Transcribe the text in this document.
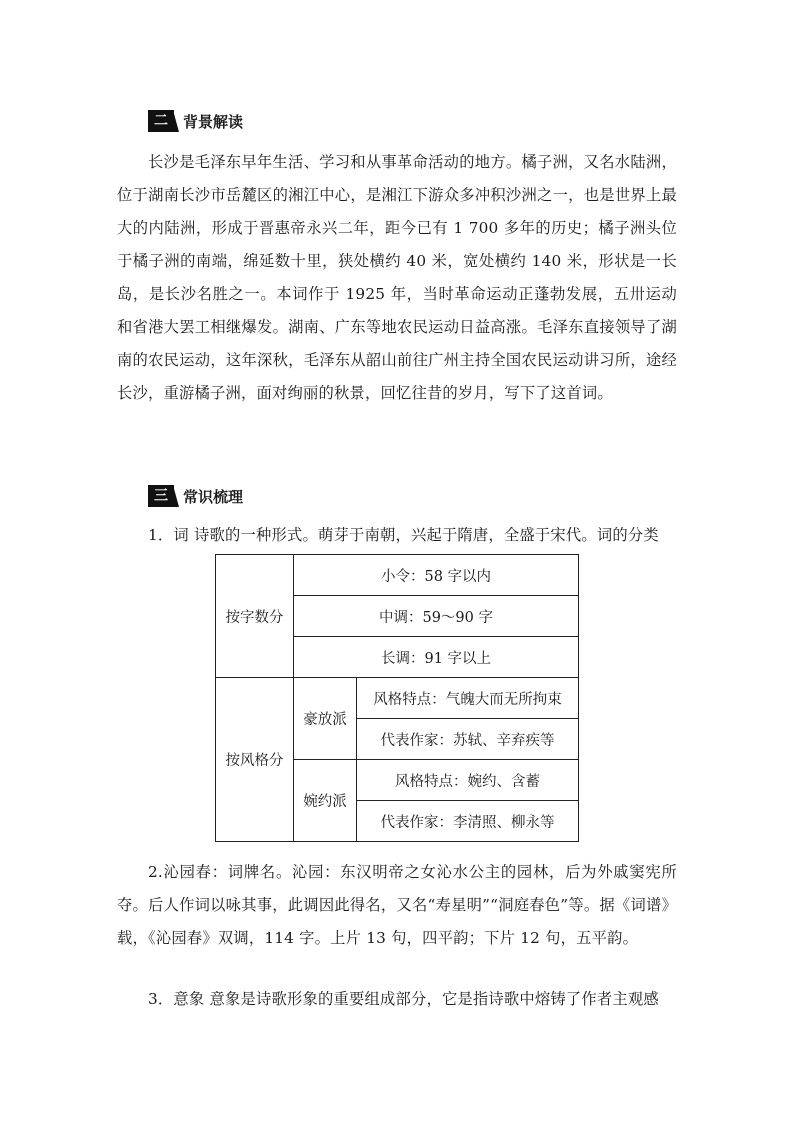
二	背景解读

长沙是毛泽东早年生活、学习和从事革命活动的地方。橘子洲，又名水陆洲，位于湖南长沙市岳麓区的湘江中心，是湘江下游众多冲积沙洲之一，也是世界上最大的内陆洲，形成于晋惠帝永兴二年，距今已有 1 700 多年的历史；橘子洲头位于橘子洲的南端，绵延数十里，狭处横约 40 米，宽处横约 140 米，形状是一长岛，是长沙名胜之一。本词作于 1925 年，当时革命运动正蓬勃发展，五卅运动和省港大罢工相继爆发。湖南、广东等地农民运动日益高涨。毛泽东直接领导了湖南的农民运动，这年深秋，毛泽东从韶山前往广州主持全国农民运动讲习所，途经长沙，重游橘子洲，面对绚丽的秋景，回忆往昔的岁月，写下了这首词。

三	常识梳理

1．词 诗歌的一种形式。萌芽于南朝，兴起于隋唐，全盛于宋代。词的分类

按字数分	小令：58 字以内	
	中调：59～90 字	
	长调：91 字以上	
按风格分	豪放派	风格特点：气魄大而无所拘束
		代表作家：苏轼、辛弃疾等
	婉约派	风格特点：婉约、含蓄
		代表作家：李清照、柳永等

2.沁园春：词牌名。沁园：东汉明帝之女沁水公主的园林，后为外戚窦宪所夺。后人作词以咏其事，此调因此得名，又名“寿星明”“洞庭春色”等。据《词谱》载，《沁园春》双调，114 字。上片 13 句，四平韵；下片 12 句，五平韵。

3．意象 意象是诗歌形象的重要组成部分，它是指诗歌中熔铸了作者主观感
